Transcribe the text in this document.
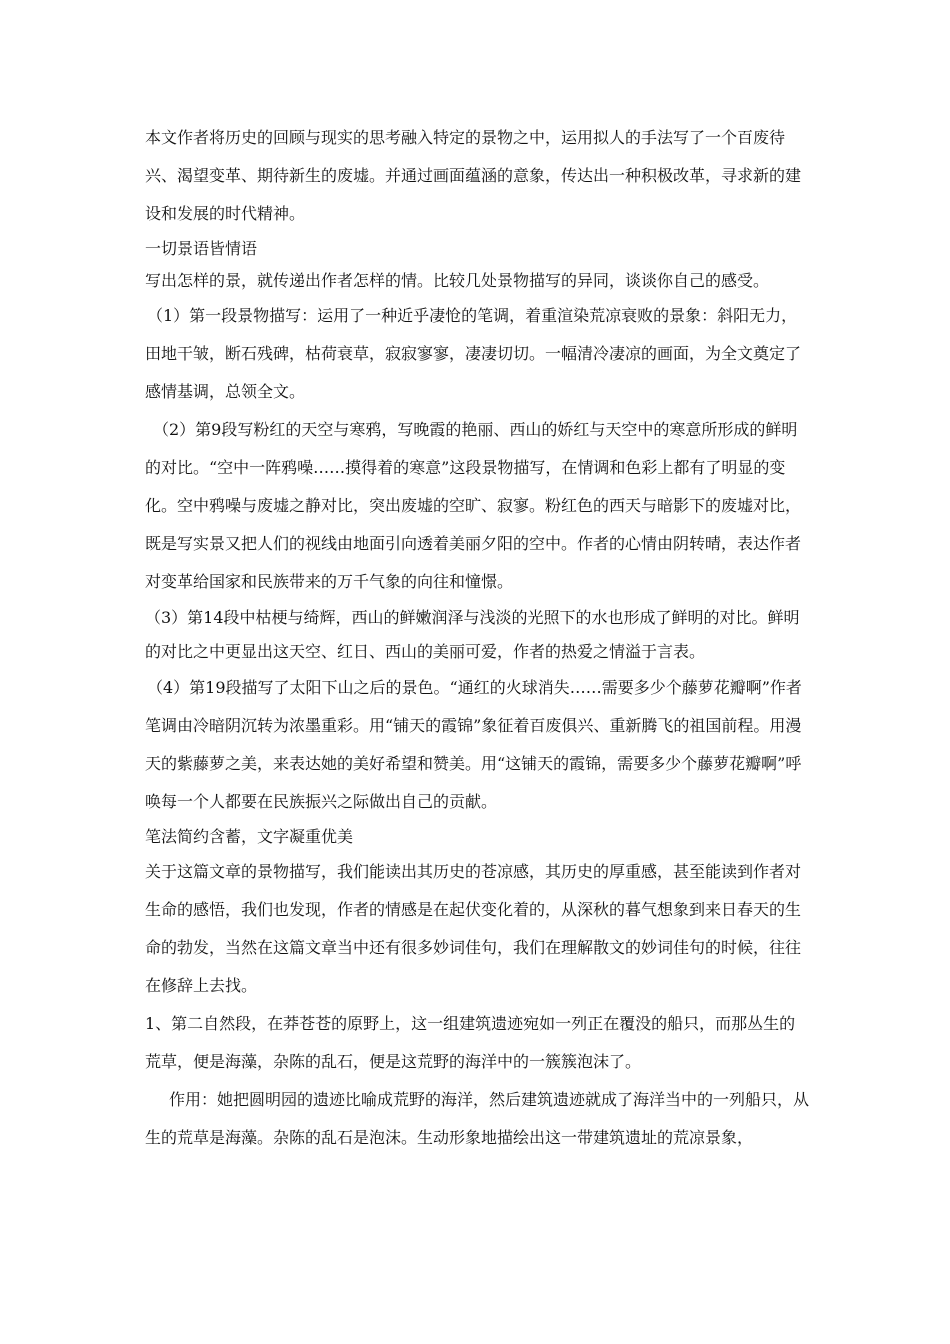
本文作者将历史的回顾与现实的思考融入特定的景物之中，运用拟人的手法写了一个百废待兴、渴望变革、期待新生的废墟。并通过画面蕴涵的意象，传达出一种积极改革，寻求新的建设和发展的时代精神。

一切景语皆情语

写出怎样的景，就传递出作者怎样的情。比较几处景物描写的异同，谈谈你自己的感受。

（1）第一段景物描写：运用了一种近乎凄怆的笔调，着重渲染荒凉衰败的景象：斜阳无力，田地干皱，断石残碑，枯荷衰草，寂寂寥寥，凄凄切切。一幅清冷凄凉的画面，为全文奠定了感情基调，总领全文。

（2）第9段写粉红的天空与寒鸦，写晚霞的艳丽、西山的娇红与天空中的寒意所形成的鲜明的对比。“空中一阵鸦噪……摸得着的寒意”这段景物描写，在情调和色彩上都有了明显的变化。空中鸦噪与废墟之静对比，突出废墟的空旷、寂寥。粉红色的西天与暗影下的废墟对比，既是写实景又把人们的视线由地面引向透着美丽夕阳的空中。作者的心情由阴转晴，表达作者对变革给国家和民族带来的万千气象的向往和憧憬。

（3）第14段中枯梗与绮辉，西山的鲜嫩润泽与浅淡的光照下的水也形成了鲜明的对比。鲜明的对比之中更显出这天空、红日、西山的美丽可爱，作者的热爱之情溢于言表。

（4）第19段描写了太阳下山之后的景色。“通红的火球消失……需要多少个藤萝花瓣啊”作者笔调由冷暗阴沉转为浓墨重彩。用“铺天的霞锦”象征着百废俱兴、重新腾飞的祖国前程。用漫天的紫藤萝之美，来表达她的美好希望和赞美。用“这铺天的霞锦，需要多少个藤萝花瓣啊”呼唤每一个人都要在民族振兴之际做出自己的贡献。

笔法简约含蓄，文字凝重优美

关于这篇文章的景物描写，我们能读出其历史的苍凉感，其历史的厚重感，甚至能读到作者对生命的感悟，我们也发现，作者的情感是在起伏变化着的，从深秋的暮气想象到来日春天的生命的勃发，当然在这篇文章当中还有很多妙词佳句，我们在理解散文的妙词佳句的时候，往往在修辞上去找。

1、第二自然段，在莽苍苍的原野上，这一组建筑遗迹宛如一列正在覆没的船只，而那丛生的荒草，便是海藻，杂陈的乱石，便是这荒野的海洋中的一簇簇泡沫了。

作用：她把圆明园的遗迹比喻成荒野的海洋，然后建筑遗迹就成了海洋当中的一列船只，从生的荒草是海藻。杂陈的乱石是泡沫。生动形象地描绘出这一带建筑遗址的荒凉景象，
